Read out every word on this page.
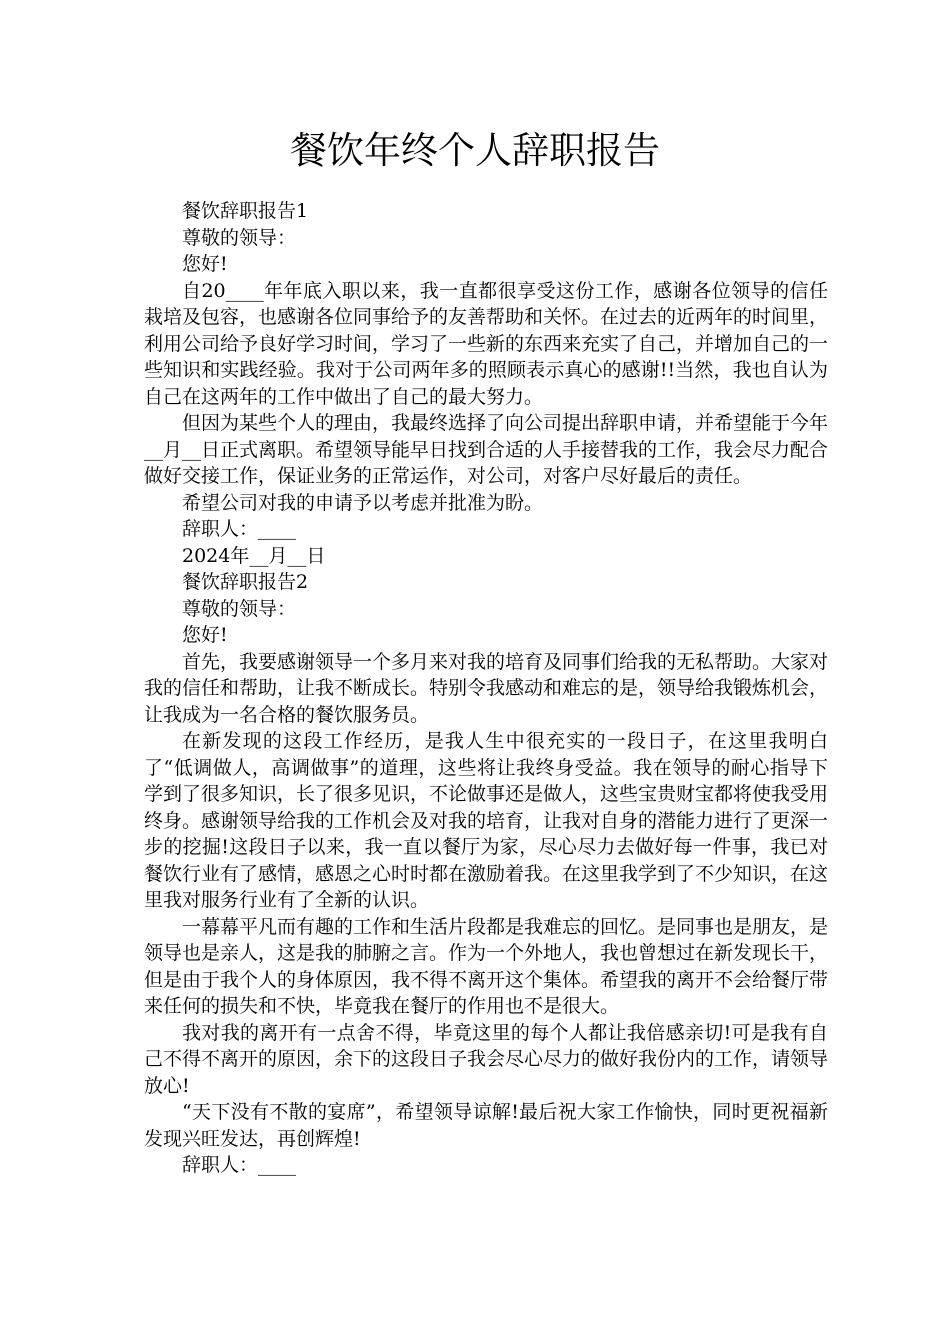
餐饮年终个人辞职报告

餐饮辞职报告1

尊敬的领导：

您好!

自20____年年底入职以来，我一直都很享受这份工作，感谢各位领导的信任栽培及包容，也感谢各位同事给予的友善帮助和关怀。在过去的近两年的时间里，利用公司给予良好学习时间，学习了一些新的东西来充实了自己，并增加自己的一些知识和实践经验。我对于公司两年多的照顾表示真心的感谢!!当然，我也自认为自己在这两年的工作中做出了自己的最大努力。

但因为某些个人的理由，我最终选择了向公司提出辞职申请，并希望能于今年__月__日正式离职。希望领导能早日找到合适的人手接替我的工作，我会尽力配合做好交接工作，保证业务的正常运作，对公司，对客户尽好最后的责任。

希望公司对我的申请予以考虑并批准为盼。

辞职人：____

2024年__月__日

餐饮辞职报告2

尊敬的领导：

您好!

首先，我要感谢领导一个多月来对我的培育及同事们给我的无私帮助。大家对我的信任和帮助，让我不断成长。特别令我感动和难忘的是，领导给我锻炼机会，让我成为一名合格的餐饮服务员。

在新发现的这段工作经历，是我人生中很充实的一段日子，在这里我明白了“低调做人，高调做事”的道理，这些将让我终身受益。我在领导的耐心指导下学到了很多知识，长了很多见识，不论做事还是做人，这些宝贵财宝都将使我受用终身。感谢领导给我的工作机会及对我的培育，让我对自身的潜能力进行了更深一步的挖掘!这段日子以来，我一直以餐厅为家，尽心尽力去做好每一件事，我已对餐饮行业有了感情，感恩之心时时都在激励着我。在这里我学到了不少知识，在这里我对服务行业有了全新的认识。

一幕幕平凡而有趣的工作和生活片段都是我难忘的回忆。是同事也是朋友，是领导也是亲人，这是我的肺腑之言。作为一个外地人，我也曾想过在新发现长干，但是由于我个人的身体原因，我不得不离开这个集体。希望我的离开不会给餐厅带来任何的损失和不快，毕竟我在餐厅的作用也不是很大。

我对我的离开有一点舍不得，毕竟这里的每个人都让我倍感亲切!可是我有自己不得不离开的原因，余下的这段日子我会尽心尽力的做好我份内的工作，请领导放心!

“天下没有不散的宴席”，希望领导谅解!最后祝大家工作愉快，同时更祝福新发现兴旺发达，再创辉煌!

辞职人：____
